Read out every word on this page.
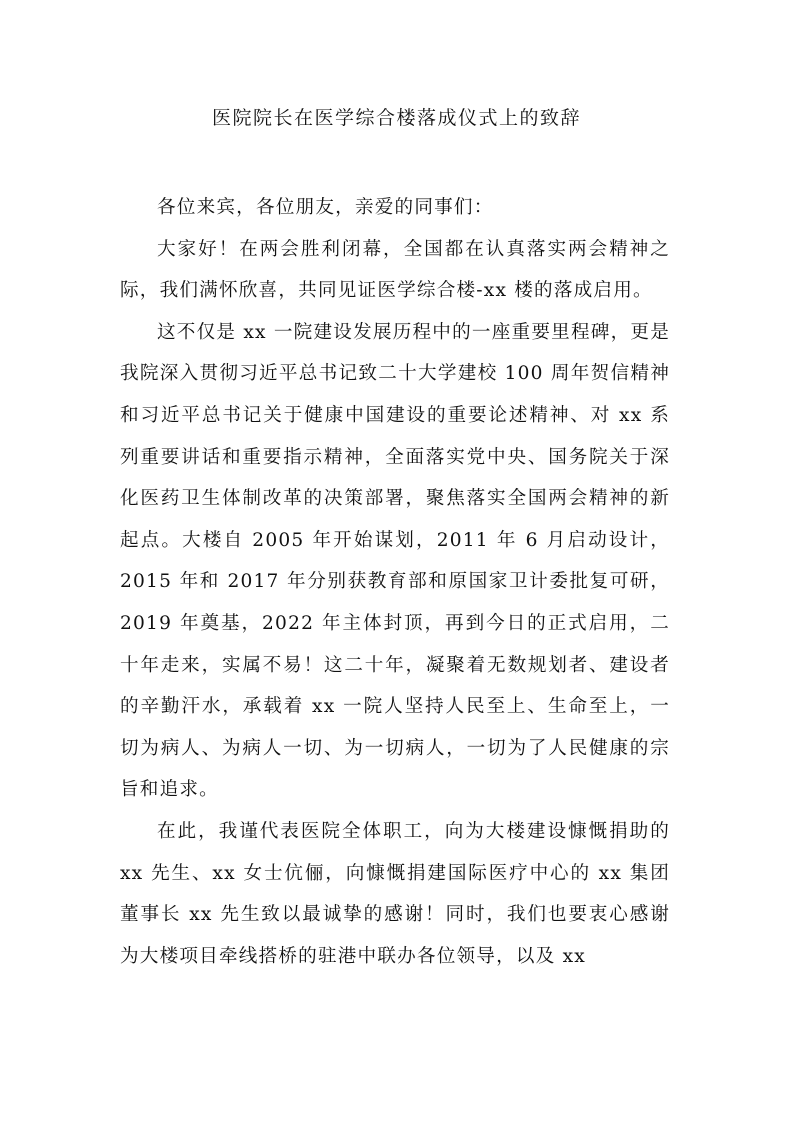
医院院长在医学综合楼落成仪式上的致辞

各位来宾，各位朋友，亲爱的同事们：

大家好！在两会胜利闭幕，全国都在认真落实两会精神之际，我们满怀欣喜，共同见证医学综合楼-xx 楼的落成启用。

这不仅是 xx 一院建设发展历程中的一座重要里程碑，更是我院深入贯彻习近平总书记致二十大学建校 100 周年贺信精神和习近平总书记关于健康中国建设的重要论述精神、对 xx 系列重要讲话和重要指示精神，全面落实党中央、国务院关于深化医药卫生体制改革的决策部署，聚焦落实全国两会精神的新起点。大楼自 2005 年开始谋划，2011 年 6 月启动设计，2015 年和 2017 年分别获教育部和原国家卫计委批复可研，2019 年奠基，2022 年主体封顶，再到今日的正式启用，二十年走来，实属不易！这二十年，凝聚着无数规划者、建设者的辛勤汗水，承载着 xx 一院人坚持人民至上、生命至上，一切为病人、为病人一切、为一切病人，一切为了人民健康的宗旨和追求。

在此，我谨代表医院全体职工，向为大楼建设慷慨捐助的 xx 先生、xx 女士伉俪，向慷慨捐建国际医疗中心的 xx 集团董事长 xx 先生致以最诚挚的感谢！同时，我们也要衷心感谢为大楼项目牵线搭桥的驻港中联办各位领导，以及 xx
